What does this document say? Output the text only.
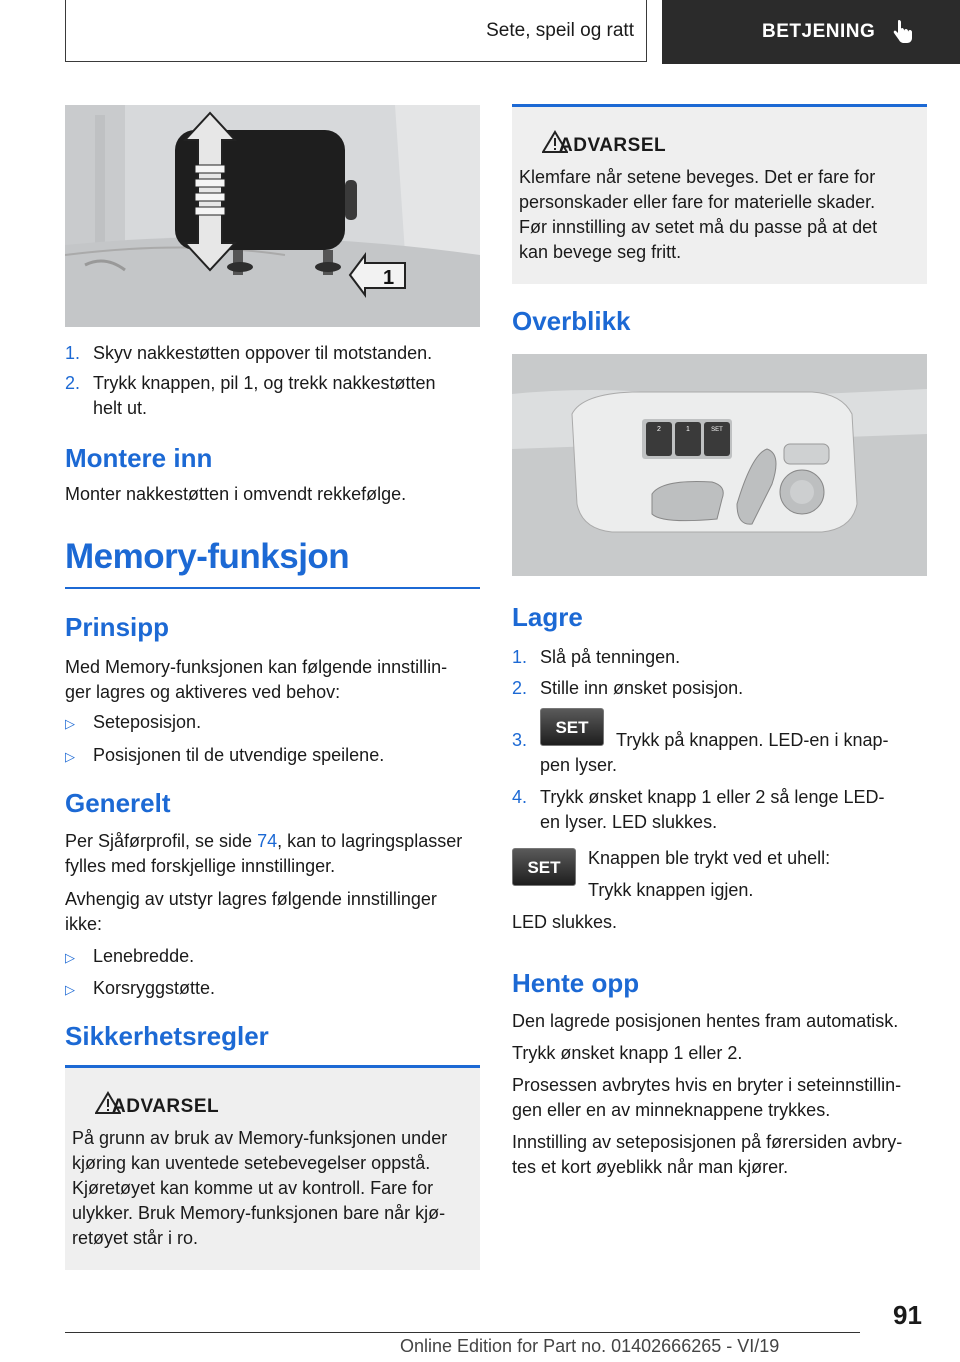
Sete, speil og ratt	BETJENING
1
1. Skyv nakkestøtten oppover til motstanden.
2. Trykk knappen, pil 1, og trekk nakkestøtten
helt ut.
Montere inn
Monter nakkestøtten i omvendt rekkefølge.
Memory-funksjon
Prinsipp
Med Memory-funksjonen kan følgende innstillin-
ger lagres og aktiveres ved behov:
▷ Seteposisjon.
▷ Posisjonen til de utvendige speilene.
Generelt
Per Sjåførprofil, se side 74, kan to lagringsplasser
fylles med forskjellige innstillinger.
Avhengig av utstyr lagres følgende innstillinger
ikke:
▷ Lenebredde.
▷ Korsryggstøtte.
Sikkerhetsregler
ADVARSEL
På grunn av bruk av Memory-funksjonen under
kjøring kan uventede setebevegelser oppstå.
Kjøretøyet kan komme ut av kontroll. Fare for
ulykker. Bruk Memory-funksjonen bare når kjø-
retøyet står i ro.
ADVARSEL
Klemfare når setene beveges. Det er fare for
personskader eller fare for materielle skader.
Før innstilling av setet må du passe på at det
kan bevege seg fritt.
Overblikk
2	1	SET
Lagre
1. Slå på tenningen.
2. Stille inn ønsket posisjon.
3.
SET
Trykk på knappen. LED-en i knap-
pen lyser.
4. Trykk ønsket knapp 1 eller 2 så lenge LED-
en lyser. LED slukkes.
SET	Knappen ble trykt ved et uhell:
Trykk knappen igjen.
LED slukkes.
Hente opp
Den lagrede posisjonen hentes fram automatisk.
Trykk ønsket knapp 1 eller 2.
Prosessen avbrytes hvis en bryter i seteinnstillin-
gen eller en av minneknappene trykkes.
Innstilling av seteposisjonen på førersiden avbry-
tes et kort øyeblikk når man kjører.
91
Online Edition for Part no. 01402666265 - VI/19
